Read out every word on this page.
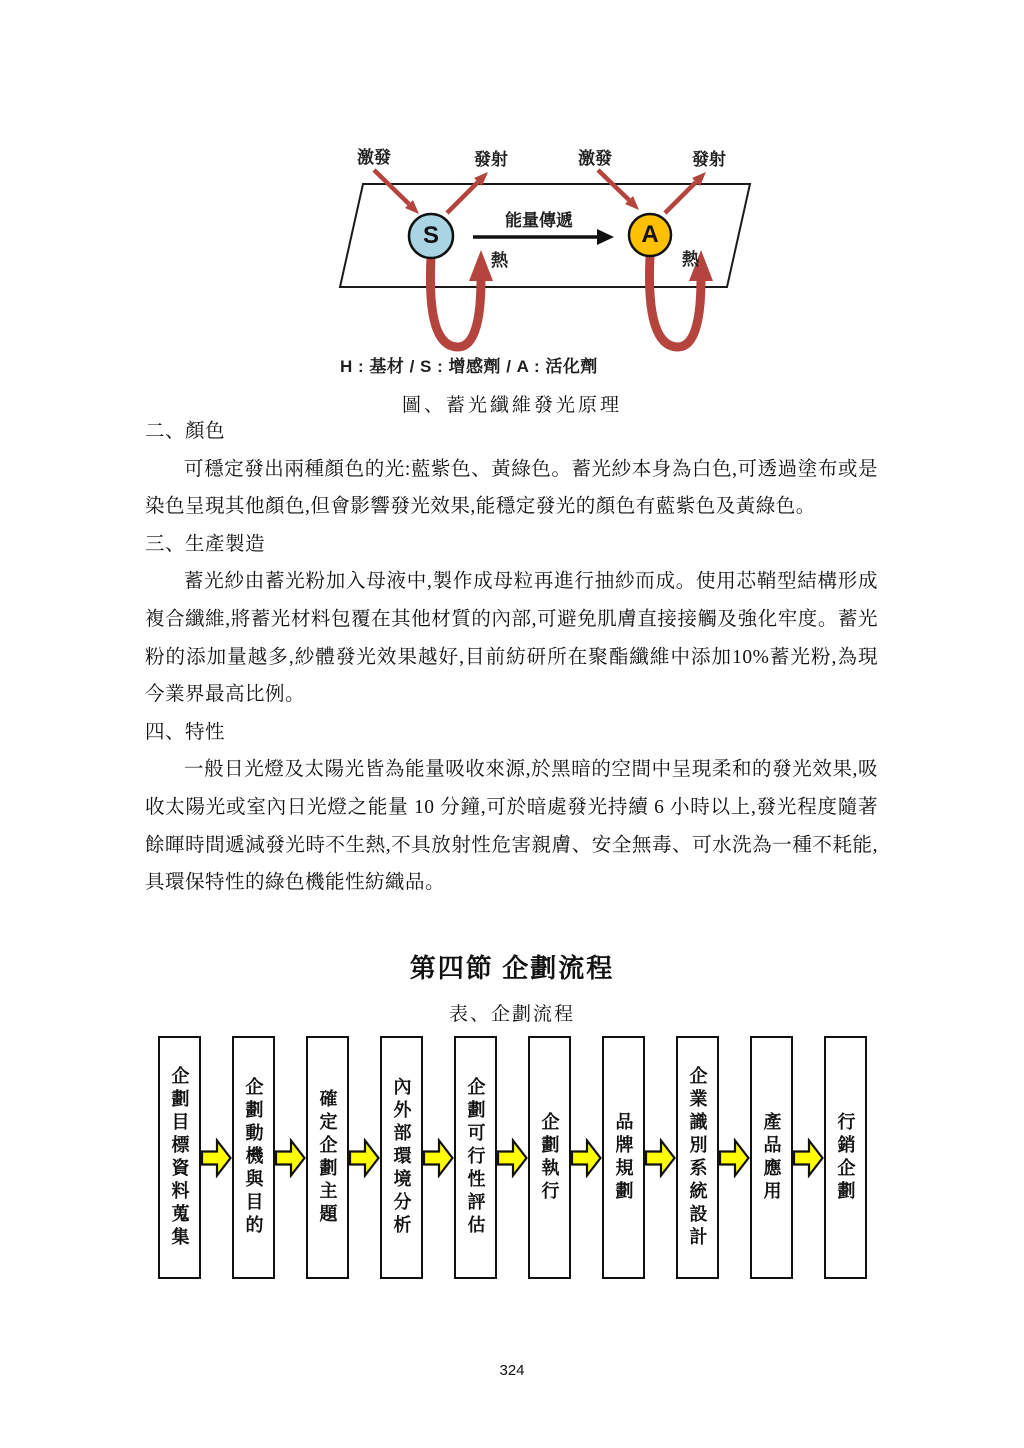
激發	發射	激發	發射
能量傳遞
熱	熱
S	A
H : 基材 / S : 增感劑 / A : 活化劑
圖、蓄光纖維發光原理
二、顏色
可穩定發出兩種顏色的光:藍紫色、黃綠色。蓄光紗本身為白色,可透過塗布或是染色呈現其他顏色,但會影響發光效果,能穩定發光的顏色有藍紫色及黃綠色。
三、生產製造
蓄光紗由蓄光粉加入母液中,製作成母粒再進行抽紗而成。使用芯鞘型結構形成複合纖維,將蓄光材料包覆在其他材質的內部,可避免肌膚直接接觸及強化牢度。蓄光粉的添加量越多,紗體發光效果越好,目前紡研所在聚酯纖維中添加10%蓄光粉,為現今業界最高比例。
四、特性
一般日光燈及太陽光皆為能量吸收來源,於黑暗的空間中呈現柔和的發光效果,吸收太陽光或室內日光燈之能量 10 分鐘,可於暗處發光持續 6 小時以上,發光程度隨著餘暉時間遞減發光時不生熱,不具放射性危害親膚、安全無毒、可水洗為一種不耗能,具環保特性的綠色機能性紡織品。
第四節 企劃流程
表、企劃流程
企劃目標資料蒐集	企劃動機與目的	確定企劃主題	內外部環境分析	企劃可行性評估	企劃執行	品牌規劃	企業識別系統設計	產品應用	行銷企劃
324
